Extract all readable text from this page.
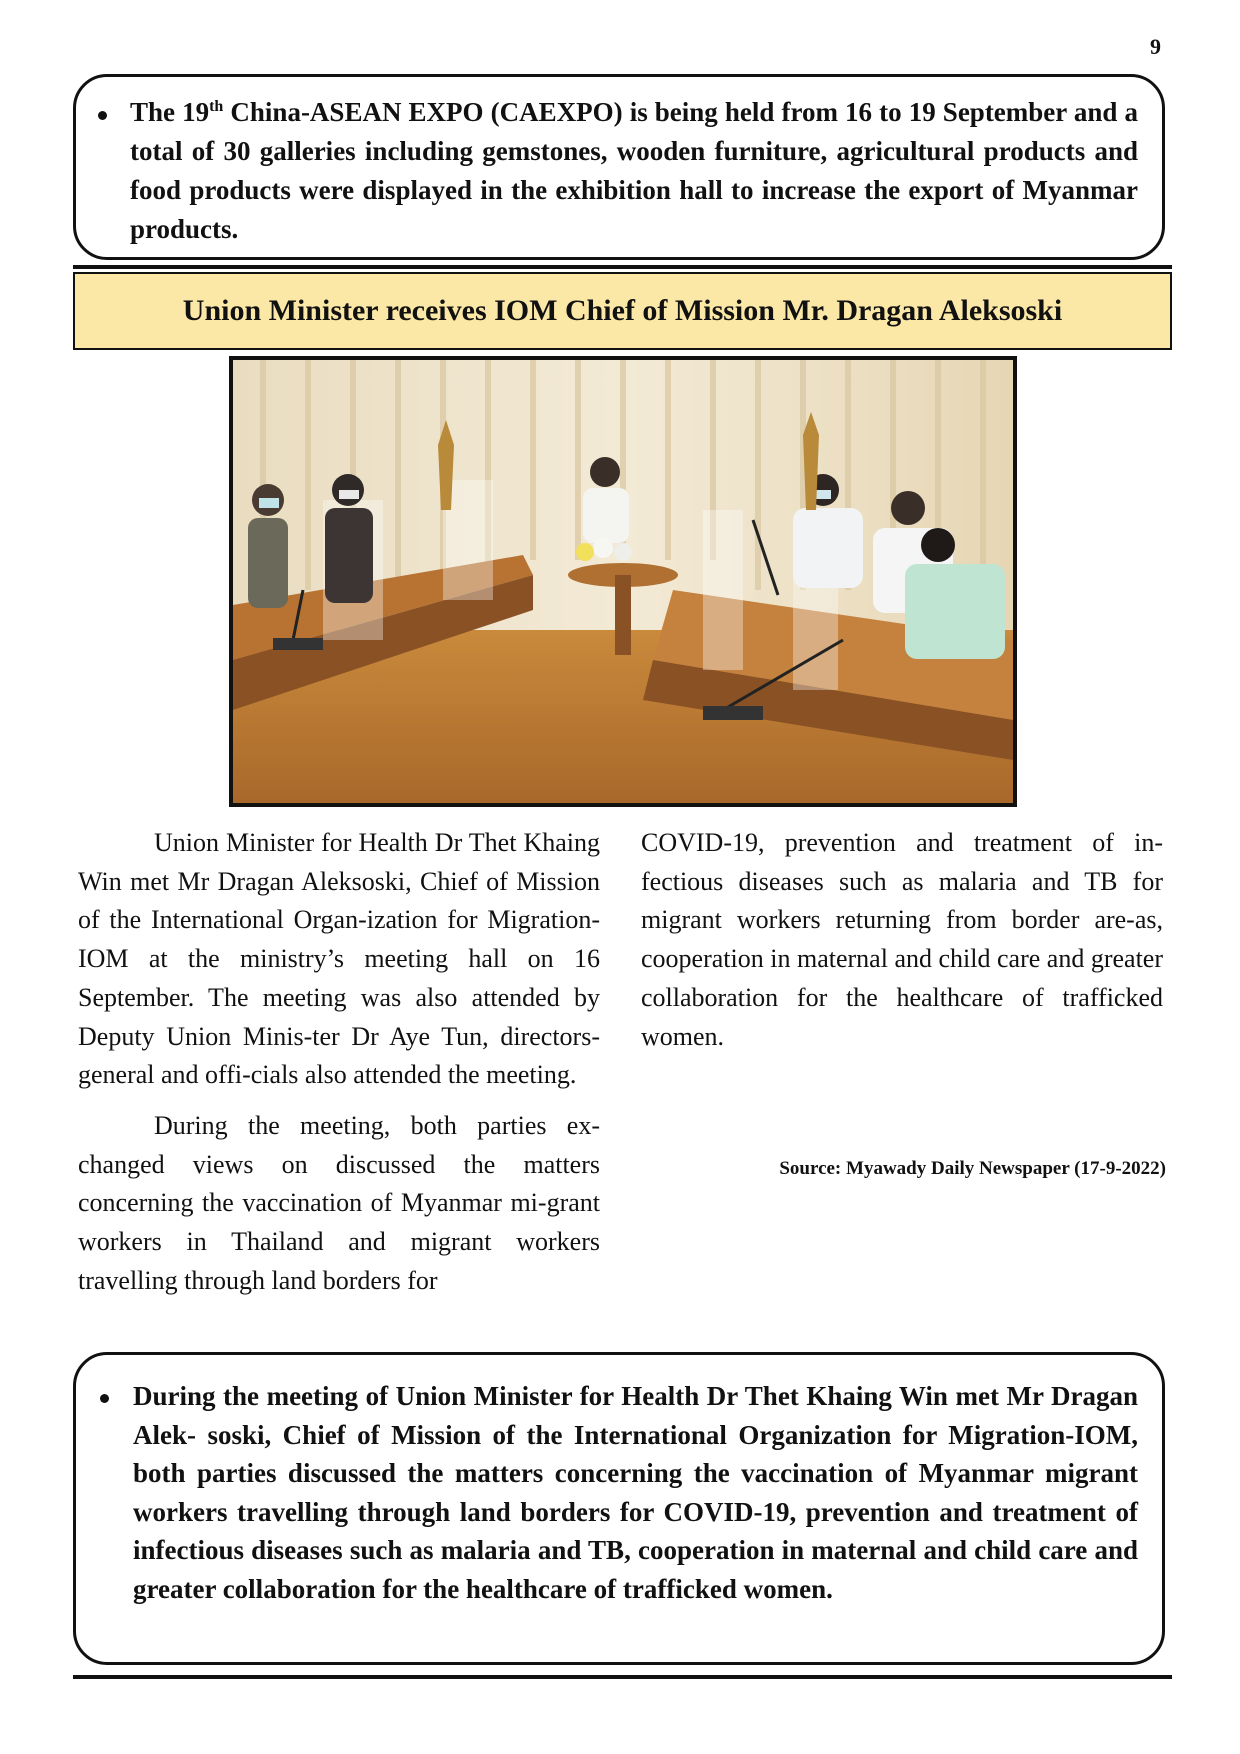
9
The 19th China-ASEAN EXPO (CAEXPO) is being held from 16 to 19 September and a total of 30 galleries including gemstones, wooden furniture, agricultural products and food products were displayed in the exhibition hall to increase the export of Myanmar products.
Union Minister receives IOM Chief of Mission Mr. Dragan Aleksoski

Union Minister for Health Dr Thet Khaing Win met Mr Dragan Aleksoski, Chief of Mission of the International Organ-ization for Migration-IOM at the ministry’s meeting hall on 16 September. The meeting was also attended by Deputy Union Minis-ter Dr Aye Tun, directors-general and offi-cials also attended the meeting.

During the meeting, both parties ex-changed views on discussed the matters concerning the vaccination of Myanmar mi-grant workers in Thailand and migrant workers travelling through land borders for

COVID-19, prevention and treatment of in-fectious diseases such as malaria and TB for migrant workers returning from border are-as, cooperation in maternal and child care and greater collaboration for the healthcare of trafficked women.

Source: Myawady Daily Newspaper (17-9-2022)
During the meeting of Union Minister for Health Dr Thet Khaing Win met Mr Dragan Alek- soski, Chief of Mission of the International Organization for Migration-IOM, both parties discussed the matters concerning the vaccination of Myanmar migrant workers travelling through land borders for COVID-19, prevention and treatment of infectious diseases such as malaria and TB, cooperation in maternal and child care and greater collaboration for the healthcare of trafficked women.
